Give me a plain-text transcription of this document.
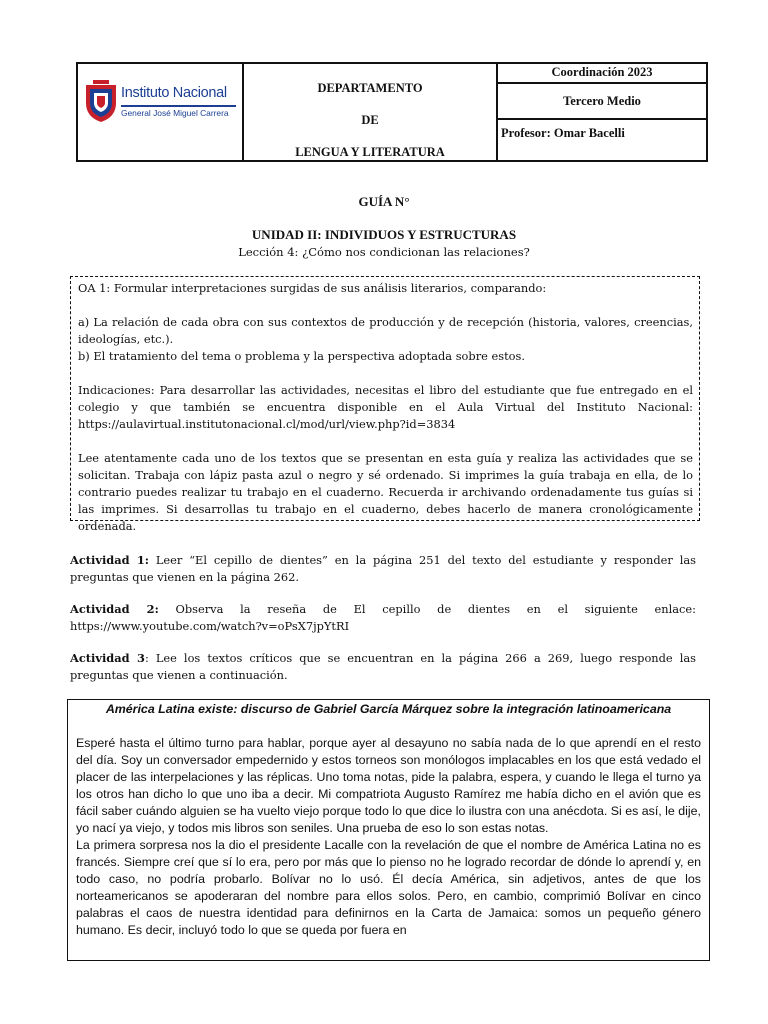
Instituto Nacional
General José Miguel Carrera
DEPARTAMENTO
DE
LENGUA Y LITERATURA
Coordinación 2023
Tercero Medio
Profesor: Omar Bacelli
GUÍA N°
UNIDAD II: INDIVIDUOS Y ESTRUCTURAS
Lección 4: ¿Cómo nos condicionan las relaciones?

OA 1: Formular interpretaciones surgidas de sus análisis literarios, comparando:

a) La relación de cada obra con sus contextos de producción y de recepción (historia, valores, creencias, ideologías, etc.).

b) El tratamiento del tema o problema y la perspectiva adoptada sobre estos.

Indicaciones: Para desarrollar las actividades, necesitas el libro del estudiante que fue entregado en el colegio y que también se encuentra disponible en el Aula Virtual del Instituto Nacional: https://aulavirtual.institutonacional.cl/mod/url/view.php?id=3834

Lee atentamente cada uno de los textos que se presentan en esta guía y realiza las actividades que se solicitan. Trabaja con lápiz pasta azul o negro y sé ordenado. Si imprimes la guía trabaja en ella, de lo contrario puedes realizar tu trabajo en el cuaderno. Recuerda ir archivando ordenadamente tus guías si las imprimes. Si desarrollas tu trabajo en el cuaderno, debes hacerlo de manera cronológicamente ordenada.

Actividad 1: Leer “El cepillo de dientes” en la página 251 del texto del estudiante y responder las preguntas que vienen en la página 262.
Actividad 2: Observa la reseña de El cepillo de dientes en el siguiente enlace: https://www.youtube.com/watch?v=oPsX7jpYtRI
Actividad 3: Lee los textos críticos que se encuentran en la página 266 a 269, luego responde las preguntas que vienen a continuación.

América Latina existe: discurso de Gabriel García Márquez sobre la integración latinoamericana

Esperé hasta el último turno para hablar, porque ayer al desayuno no sabía nada de lo que aprendí en el resto del día. Soy un conversador empedernido y estos torneos son monólogos implacables en los que está vedado el placer de las interpelaciones y las réplicas. Uno toma notas, pide la palabra, espera, y cuando le llega el turno ya los otros han dicho lo que uno iba a decir. Mi compatriota Augusto Ramírez me había dicho en el avión que es fácil saber cuándo alguien se ha vuelto viejo porque todo lo que dice lo ilustra con una anécdota. Si es así, le dije, yo nací ya viejo, y todos mis libros son seniles. Una prueba de eso lo son estas notas.

La primera sorpresa nos la dio el presidente Lacalle con la revelación de que el nombre de América Latina no es francés. Siempre creí que sí lo era, pero por más que lo pienso no he logrado recordar de dónde lo aprendí y, en todo caso, no podría probarlo. Bolívar no lo usó. Él decía América, sin adjetivos, antes de que los norteamericanos se apoderaran del nombre para ellos solos. Pero, en cambio, comprimió Bolívar en cinco palabras el caos de nuestra identidad para definirnos en la Carta de Jamaica: somos un pequeño género humano. Es decir, incluyó todo lo que se queda por fuera en
